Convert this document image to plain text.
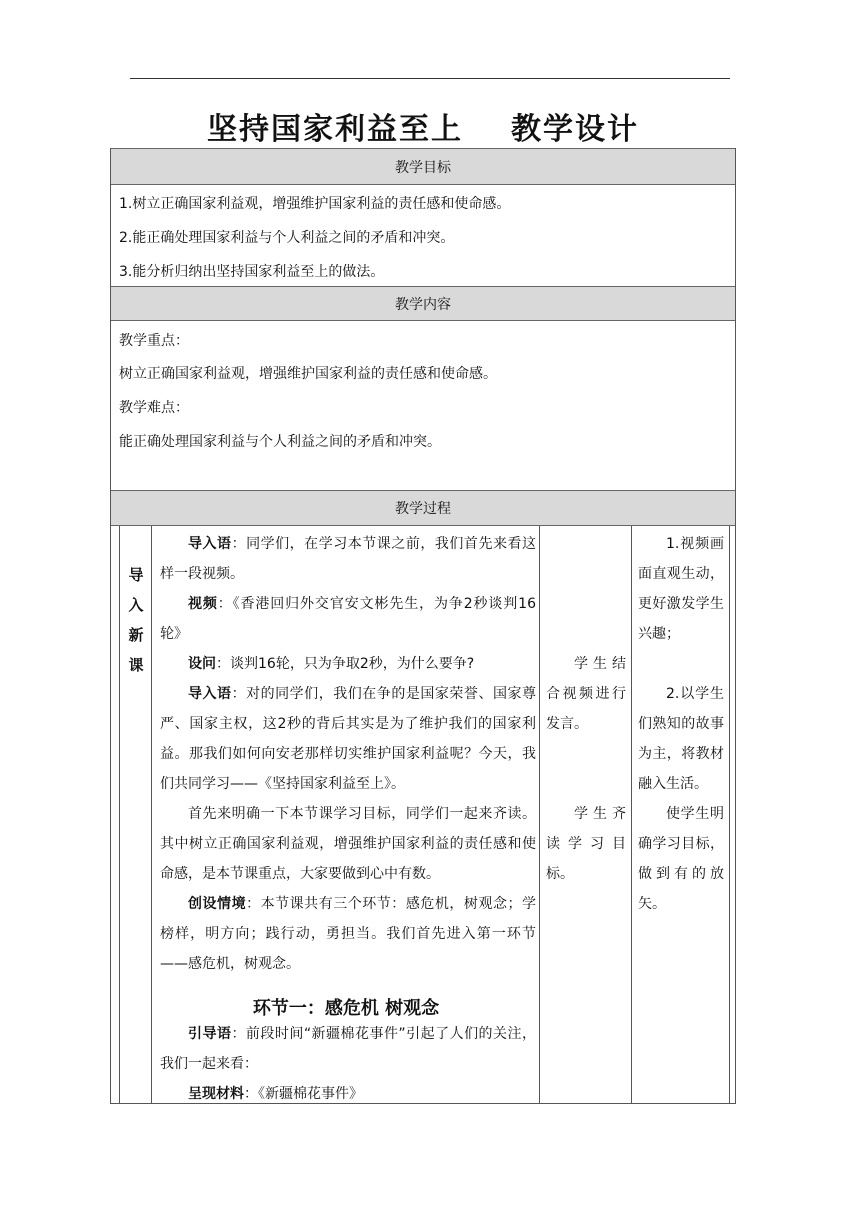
坚持国家利益至上 教学设计
教学目标
1.树立正确国家利益观，增强维护国家利益的责任感和使命感。
2.能正确处理国家利益与个人利益之间的矛盾和冲突。
3.能分析归纳出坚持国家利益至上的做法。
教学内容
教学重点：
树立正确国家利益观，增强维护国家利益的责任感和使命感。
教学难点：
能正确处理国家利益与个人利益之间的矛盾和冲突。
教学过程
导
入
新
课
导入语：同学们，在学习本节课之前，我们首先来看这样一段视频。
视频：《香港回归外交官安文彬先生，为争2秒谈判16轮》
设问：谈判16轮，只为争取2秒，为什么要争?
导入语：对的同学们，我们在争的是国家荣誉、国家尊严、国家主权，这2秒的背后其实是为了维护我们的国家利益。那我们如何向安老那样切实维护国家利益呢？今天，我们共同学习——《坚持国家利益至上》。
首先来明确一下本节课学习目标，同学们一起来齐读。其中树立正确国家利益观，增强维护国家利益的责任感和使命感，是本节课重点，大家要做到心中有数。
创设情境：本节课共有三个环节：感危机，树观念；学榜样，明方向；践行动，勇担当。我们首先进入第一环节——感危机，树观念。
环节一：感危机 树观念
引导语：前段时间“新疆棉花事件”引起了人们的关注，我们一起来看：
呈现材料：《新疆棉花事件》
学生结合视频进行发言。
学生齐读学习目标。
1.视频画面直观生动，更好激发学生兴趣；
2.以学生们熟知的故事为主，将教材融入生活。
使学生明确学习目标，做到有的放矢。
